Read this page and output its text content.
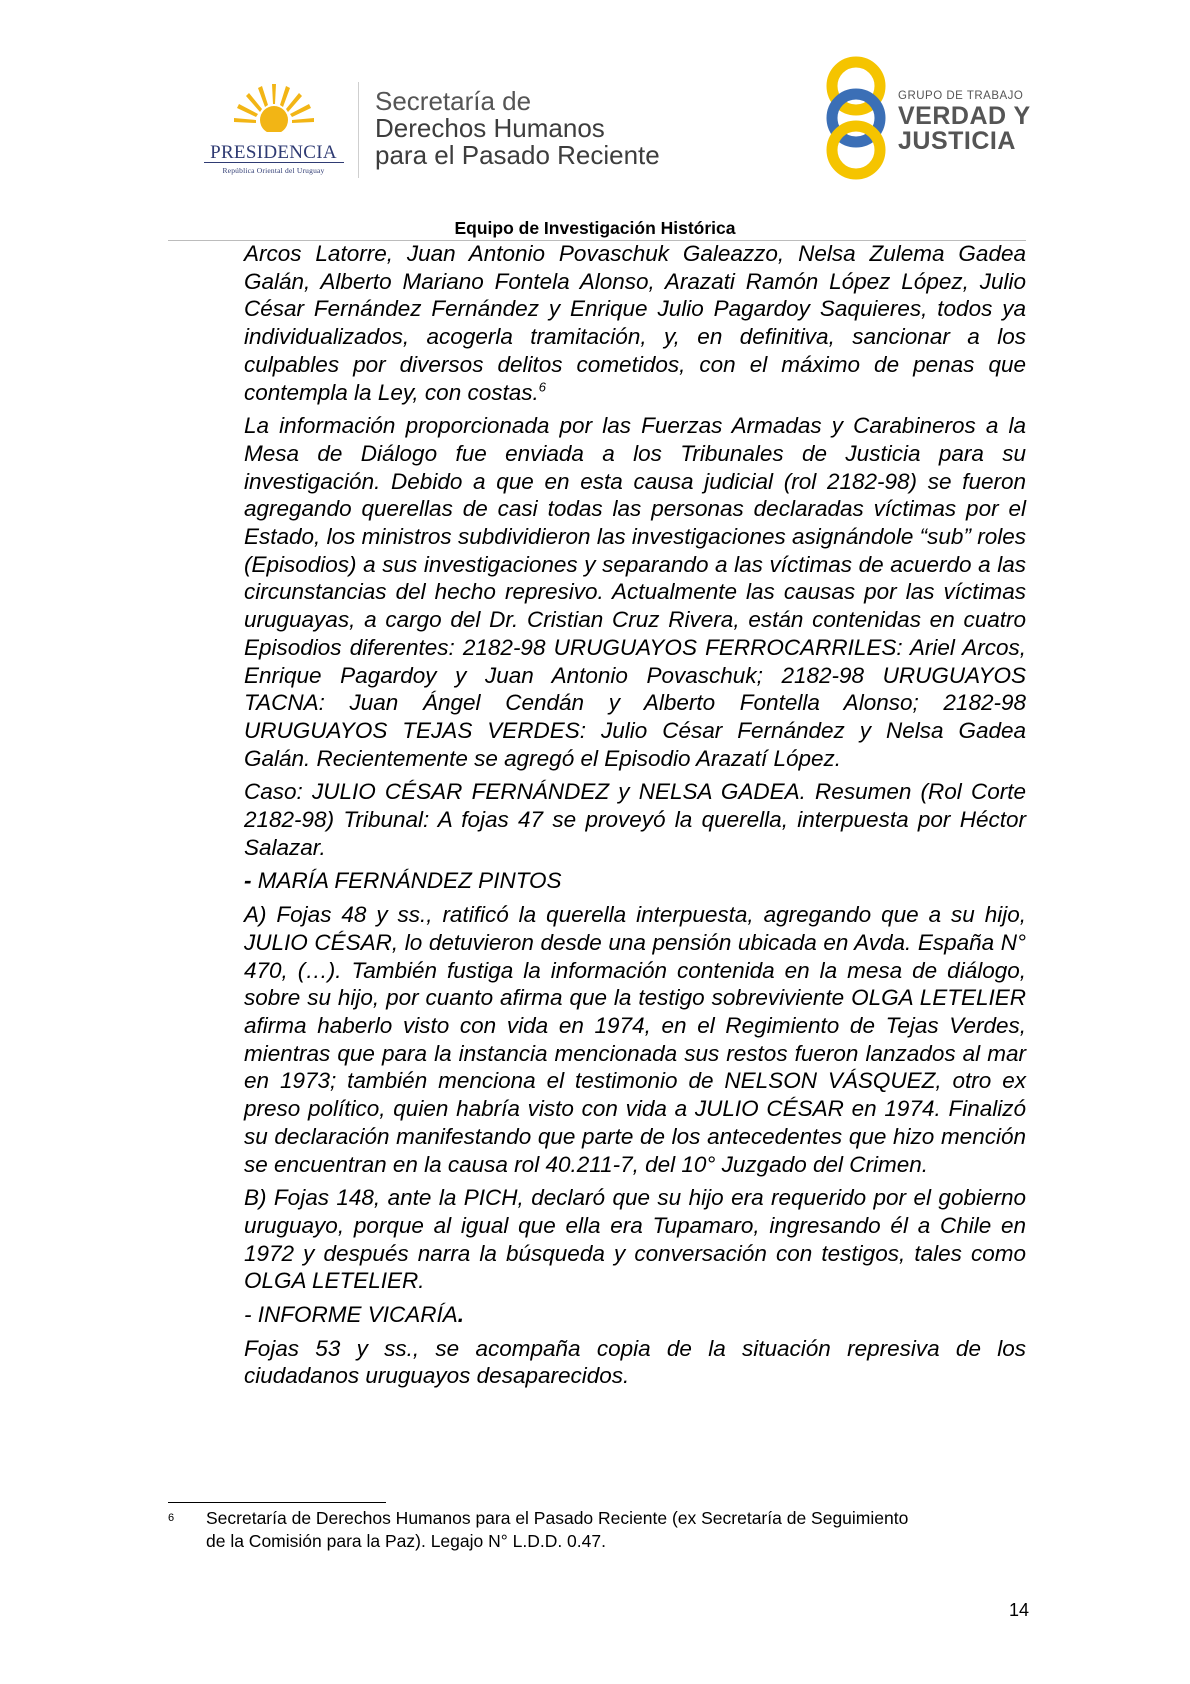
PRESIDENCIA
República Oriental del Uruguay
Secretaría de
Derechos Humanos
para el Pasado Reciente
GRUPO DE TRABAJO
VERDAD Y
JUSTICIA
Equipo de Investigación Histórica

Arcos Latorre, Juan Antonio Povaschuk Galeazzo, Nelsa Zulema Gadea Galán, Alberto Mariano Fontela Alonso, Arazati Ramón López López, Julio César Fernández Fernández y Enrique Julio Pagardoy Saquieres, todos ya individualizados, acogerla tramitación, y, en definitiva, sancionar a los culpables por diversos delitos cometidos, con el máximo de penas que contempla la Ley, con costas.$^6$

La información proporcionada por las Fuerzas Armadas y Carabineros a la Mesa de Diálogo fue enviada a los Tribunales de Justicia para su investigación. Debido a que en esta causa judicial (rol 2182-98) se fueron agregando querellas de casi todas las personas declaradas víctimas por el Estado, los ministros subdividieron las investigaciones asignándole “sub” roles (Episodios) a sus investigaciones y separando a las víctimas de acuerdo a las circunstancias del hecho represivo. Actualmente las causas por las víctimas uruguayas, a cargo del Dr. Cristian Cruz Rivera, están contenidas en cuatro Episodios diferentes: 2182-98 URUGUAYOS FERROCARRILES: Ariel Arcos, Enrique Pagardoy y Juan Antonio Povaschuk; 2182-98 URUGUAYOS TACNA: Juan Ángel Cendán y Alberto Fontella Alonso; 2182-98 URUGUAYOS TEJAS VERDES: Julio César Fernández y Nelsa Gadea Galán. Recientemente se agregó el Episodio Arazatí López.

Caso: JULIO CÉSAR FERNÁNDEZ y NELSA GADEA. Resumen (Rol Corte 2182-98) Tribunal: A fojas 47 se proveyó la querella, interpuesta por Héctor Salazar.

- MARÍA FERNÁNDEZ PINTOS

A) Fojas 48 y ss., ratificó la querella interpuesta, agregando que a su hijo, JULIO CÉSAR, lo detuvieron desde una pensión ubicada en Avda. España N° 470, (…). También fustiga la información contenida en la mesa de diálogo, sobre su hijo, por cuanto afirma que la testigo sobreviviente OLGA LETELIER afirma haberlo visto con vida en 1974, en el Regimiento de Tejas Verdes, mientras que para la instancia mencionada sus restos fueron lanzados al mar en 1973; también menciona el testimonio de NELSON VÁSQUEZ, otro ex preso político, quien habría visto con vida a JULIO CÉSAR en 1974. Finalizó su declaración manifestando que parte de los antecedentes que hizo mención se encuentran en la causa rol 40.211-7, del 10° Juzgado del Crimen.

B) Fojas 148, ante la PICH, declaró que su hijo era requerido por el gobierno uruguayo, porque al igual que ella era Tupamaro, ingresando él a Chile en 1972 y después narra la búsqueda y conversación con testigos, tales como OLGA LETELIER.

- INFORME VICARÍA.

Fojas 53 y ss., se acompaña copia de la situación represiva de los ciudadanos uruguayos desaparecidos.

6 Secretaría de Derechos Humanos para el Pasado Reciente (ex Secretaría de Seguimiento
de la Comisión para la Paz). Legajo N° L.D.D. 0.47.
14
